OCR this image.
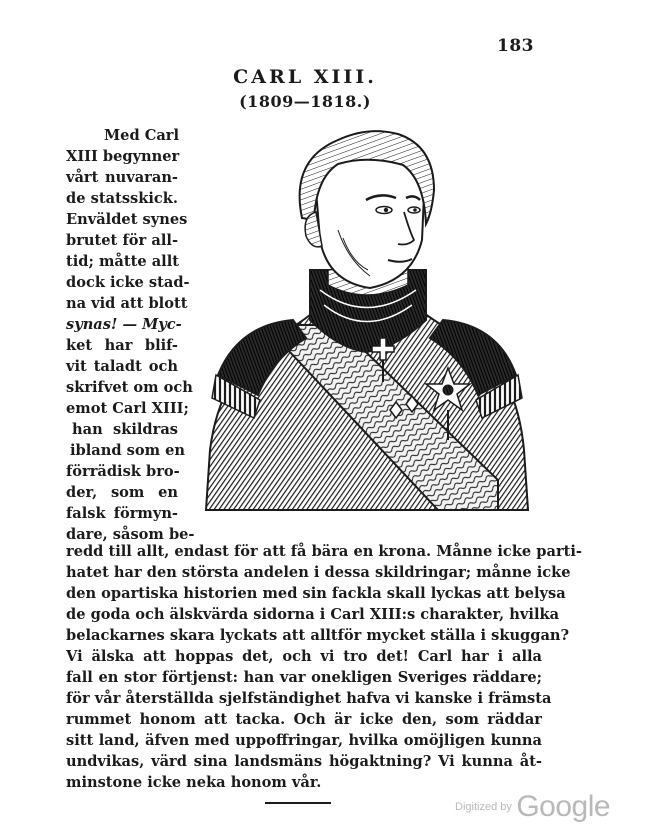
183
CARL XIII.
(1809—1818.)
Med Carl
XIII begynner
vårt nuvaran-
de statsskick.
Enväldet synes
brutet för all-
tid; måtte allt
dock icke stad-
na vid att blott
synas! — Myc-
ket har blif-
vit taladt och
skrifvet om och
emot Carl XIII;
han skildras
ibland som en
förrädisk bro-
der, som en
falsk förmyn-
dare, såsom be-
redd till allt, endast för att få bära en krona. Månne icke parti-
hatet har den största andelen i dessa skildringar; månne icke
den opartiska historien med sin fackla skall lyckas att belysa
de goda och älskvärda sidorna i Carl XIII:s charakter, hvilka
belackarnes skara lyckats att alltför mycket ställa i skuggan?
Vi älska att hoppas det, och vi tro det! Carl har i alla
fall en stor förtjenst: han var onekligen Sveriges räddare;
för vår återställda sjelfständighet hafva vi kanske i främsta
rummet honom att tacka. Och är icke den, som räddar
sitt land, äfven med uppoffringar, hvilka omöjligen kunna
undvikas, värd sina landsmäns högaktning? Vi kunna åt-
minstone icke neka honom vår.
$^{Digitized by}$ Google
